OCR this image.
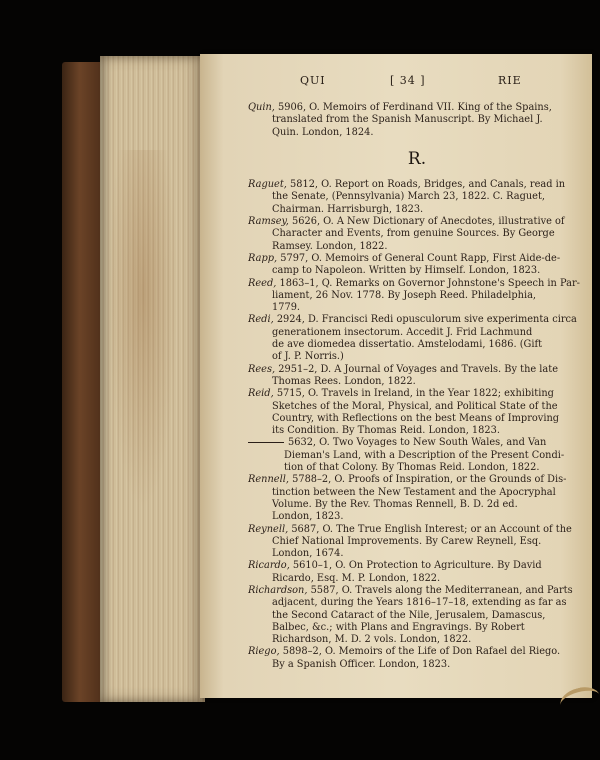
QUI	[ 34 ]	RIE
Quin, 5906, O. Memoirs of Ferdinand VII. King of the Spains,
translated from the Spanish Manuscript. By Michael J.
Quin. London, 1824.
R.
Raguet, 5812, O. Report on Roads, Bridges, and Canals, read in
the Senate, (Pennsylvania) March 23, 1822. C. Raguet,
Chairman. Harrisburgh, 1823.
Ramsey, 5626, O. A New Dictionary of Anecdotes, illustrative of
Character and Events, from genuine Sources. By George
Ramsey. London, 1822.
Rapp, 5797, O. Memoirs of General Count Rapp, First Aide-de-
camp to Napoleon. Written by Himself. London, 1823.
Reed, 1863–1, Q. Remarks on Governor Johnstone's Speech in Par-
liament, 26 Nov. 1778. By Joseph Reed. Philadelphia,
1779.
Redi, 2924, D. Francisci Redi opusculorum sive experimenta circa
generationem insectorum. Accedit J. Frid Lachmund
de ave diomedea dissertatio. Amstelodami, 1686. (Gift
of J. P. Norris.)
Rees, 2951–2, D. A Journal of Voyages and Travels. By the late
Thomas Rees. London, 1822.
Reid, 5715, O. Travels in Ireland, in the Year 1822; exhibiting
Sketches of the Moral, Physical, and Political State of the
Country, with Reflections on the best Means of Improving
its Condition. By Thomas Reid. London, 1823.
5632, O. Two Voyages to New South Wales, and Van
Dieman's Land, with a Description of the Present Condi-
tion of that Colony. By Thomas Reid. London, 1822.
Rennell, 5788–2, O. Proofs of Inspiration, or the Grounds of Dis-
tinction between the New Testament and the Apocryphal
Volume. By the Rev. Thomas Rennell, B. D. 2d ed.
London, 1823.
Reynell, 5687, O. The True English Interest; or an Account of the
Chief National Improvements. By Carew Reynell, Esq.
London, 1674.
Ricardo, 5610–1, O. On Protection to Agriculture. By David
Ricardo, Esq. M. P. London, 1822.
Richardson, 5587, O. Travels along the Mediterranean, and Parts
adjacent, during the Years 1816–17–18, extending as far as
the Second Cataract of the Nile, Jerusalem, Damascus,
Balbec, &c.; with Plans and Engravings. By Robert
Richardson, M. D. 2 vols. London, 1822.
Riego, 5898–2, O. Memoirs of the Life of Don Rafael del Riego.
By a Spanish Officer. London, 1823.
